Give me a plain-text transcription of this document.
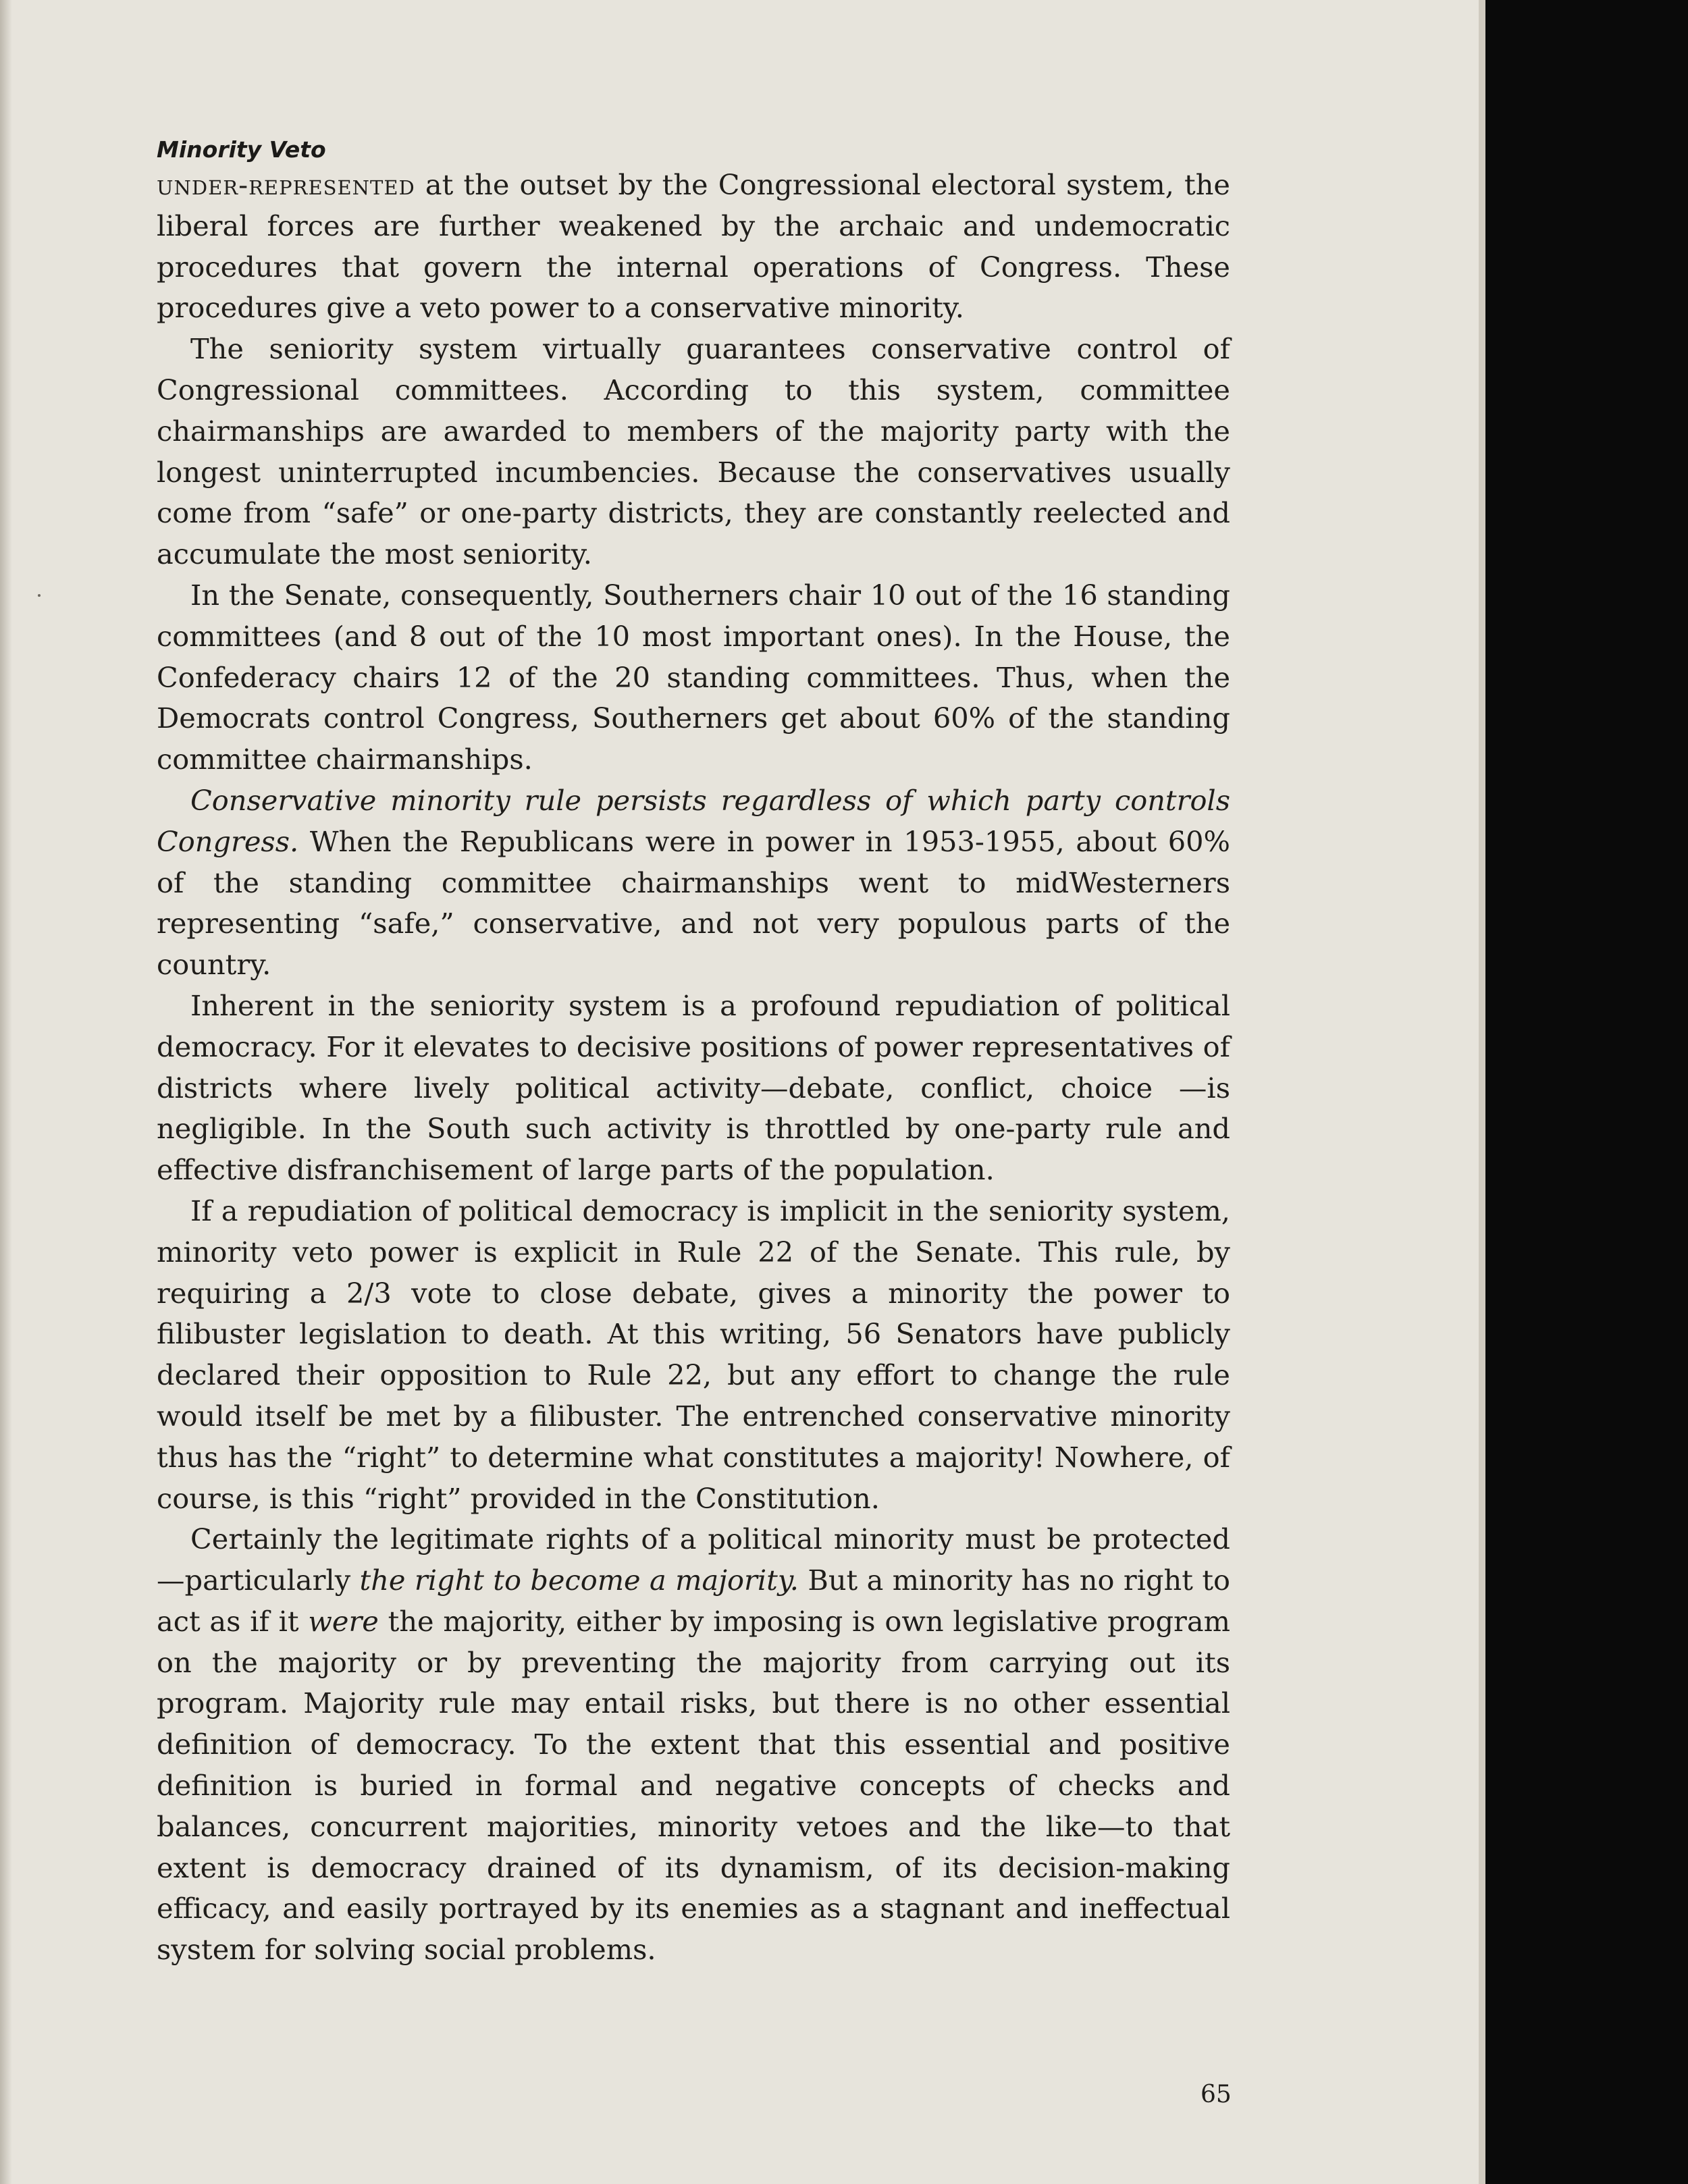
Minority Veto

under-represented at the outset by the Congressional electoral system, the liberal forces are further weakened by the archaic and undemocratic procedures that govern the internal operations of Congress. These procedures give a veto power to a conservative minority.

The seniority system virtually guarantees conservative control of Congressional committees. According to this system, committee chairmanships are awarded to members of the majority party with the longest uninterrupted incumbencies. Because the conservatives usually come from “safe” or one-party districts, they are constantly reelected and accumulate the most seniority.

In the Senate, consequently, Southerners chair 10 out of the 16 standing committees (and 8 out of the 10 most important ones). In the House, the Confederacy chairs 12 of the 20 standing committees. Thus, when the Democrats control Congress, Southerners get about 60% of the standing committee chairmanships.

Conservative minority rule persists regardless of which party controls Congress. When the Republicans were in power in 1953-1955, about 60% of the standing committee chairmanships went to midWesterners representing “safe,” conservative, and not very populous parts of the country.

Inherent in the seniority system is a profound repudiation of political democracy. For it elevates to decisive positions of power representatives of districts where lively political activity—debate, conflict, choice —is negligible. In the South such activity is throttled by one-party rule and effective disfranchisement of large parts of the population.

If a repudiation of political democracy is implicit in the seniority system, minority veto power is explicit in Rule 22 of the Senate. This rule, by requiring a 2/3 vote to close debate, gives a minority the power to filibuster legislation to death. At this writing, 56 Senators have publicly declared their opposition to Rule 22, but any effort to change the rule would itself be met by a filibuster. The entrenched conservative minority thus has the “right” to determine what constitutes a majority! Nowhere, of course, is this “right” provided in the Constitution.

Certainly the legitimate rights of a political minority must be protected—particularly the right to become a majority. But a minority has no right to act as if it were the majority, either by imposing is own legislative program on the majority or by preventing the majority from carrying out its program. Majority rule may entail risks, but there is no other essential definition of democracy. To the extent that this essential and positive definition is buried in formal and negative concepts of checks and balances, concurrent majorities, minority vetoes and the like—to that extent is democracy drained of its dynamism, of its decision-making efficacy, and easily portrayed by its enemies as a stagnant and ineffectual system for solving social problems.

65
